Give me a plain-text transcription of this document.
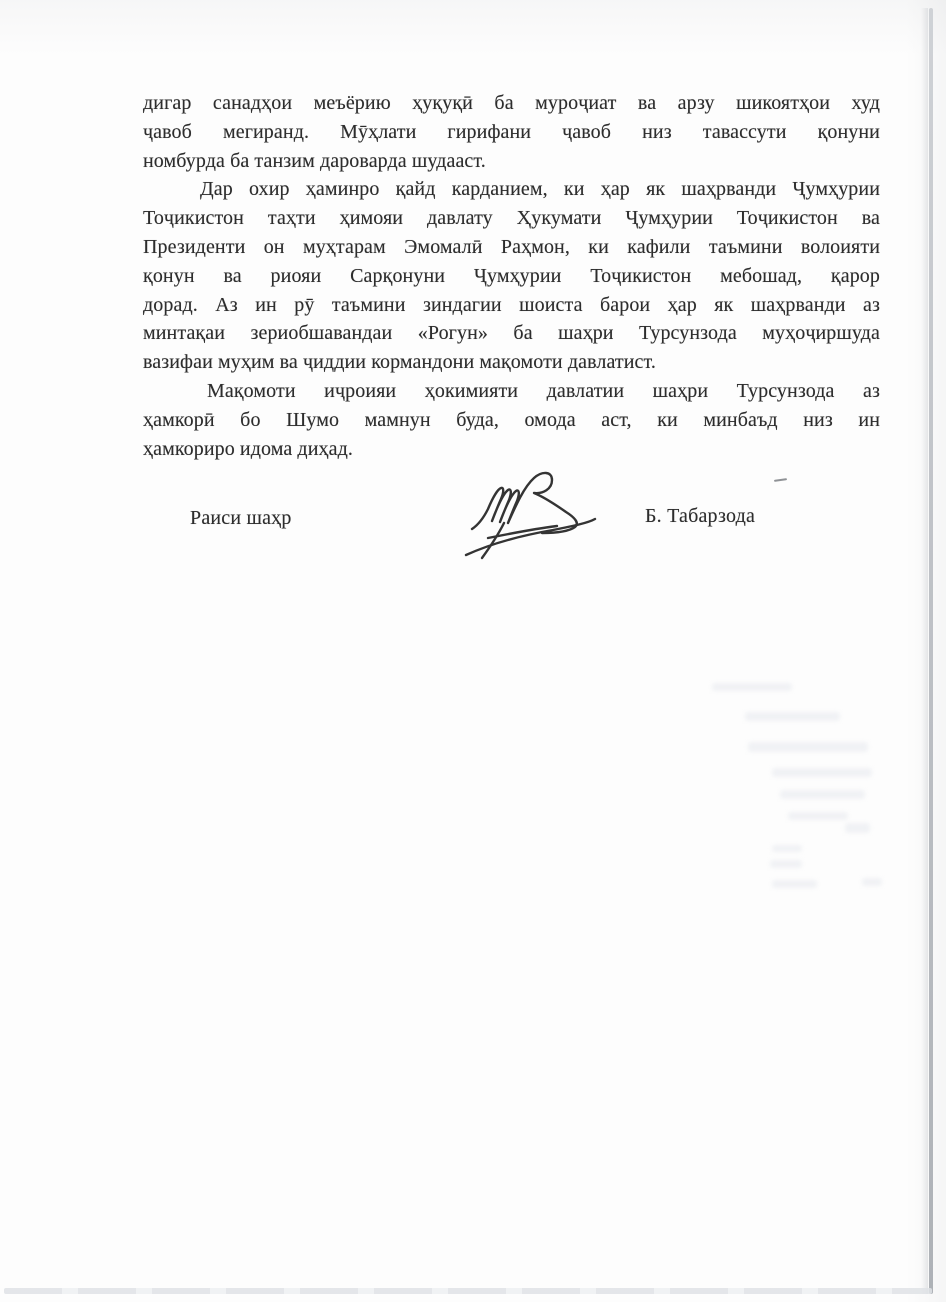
дигар санадҳои меъёрию ҳуқуқӣ ба муроҷиат ва арзу шикоятҳои худ
ҷавоб мегиранд. Мӯҳлати гирифани ҷавоб низ тавассути қонуни
номбурда ба танзим дароварда шудааст.
Дар охир ҳаминро қайд карданием, ки ҳар як шаҳрванди Ҷумҳурии
Тоҷикистон таҳти ҳимояи давлату Ҳукумати Ҷумҳурии Тоҷикистон ва
Президенти он муҳтарам Эмомалӣ Раҳмон, ки кафили таъмини волоияти
қонун ва риояи Сарқонуни Ҷумҳурии Тоҷикистон мебошад, қарор
дорад. Аз ин рӯ таъмини зиндагии шоиста барои ҳар як шаҳрванди аз
минтақаи зериобшавандаи «Рогун» ба шаҳри Турсунзода муҳоҷиршуда
вазифаи муҳим ва ҷиддии кормандони мақомоти давлатист.
Мақомоти иҷроияи ҳокимияти давлатии шаҳри Турсунзода аз
ҳамкорӣ бо Шумо мамнун буда, омода аст, ки минбаъд низ ин
ҳамкориро идома диҳад.
Раиси шаҳр	Б. Табарзода
